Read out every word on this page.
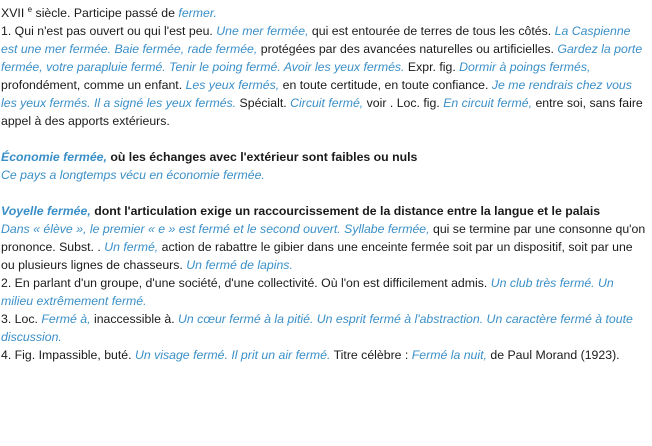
XVII $^e$ siècle. Participe passé de fermer.

1. Qui n'est pas ouvert ou qui l'est peu. Une mer fermée, qui est entourée de terres de tous les côtés. La Caspienne est une mer fermée. Baie fermée, rade fermée, protégées par des avancées naturelles ou artificielles. Gardez la porte fermée, votre parapluie fermé. Tenir le poing fermé. Avoir les yeux fermés. Expr. fig. Dormir à poings fermés, profondément, comme un enfant. Les yeux fermés, en toute certitude, en toute confiance. Je me rendrais chez vous les yeux fermés. Il a signé les yeux fermés. Spécialt. Circuit fermé, voir . Loc. fig. En circuit fermé, entre soi, sans faire appel à des apports extérieurs.

Économie fermée, où les échanges avec l'extérieur sont faibles ou nuls

Ce pays a longtemps vécu en économie fermée.

Voyelle fermée, dont l'articulation exige un raccourcissement de la distance entre la langue et le palais

Dans « élève », le premier « e » est fermé et le second ouvert. Syllabe fermée, qui se termine par une consonne qu'on prononce. Subst. . Un fermé, action de rabattre le gibier dans une enceinte fermée soit par un dispositif, soit par une ou plusieurs lignes de chasseurs. Un fermé de lapins.

2. En parlant d'un groupe, d'une société, d'une collectivité. Où l'on est difficilement admis. Un club très fermé. Un milieu extrêmement fermé.

3. Loc. Fermé à, inaccessible à. Un cœur fermé à la pitié. Un esprit fermé à l'abstraction. Un caractère fermé à toute discussion.

4. Fig. Impassible, buté. Un visage fermé. Il prit un air fermé. Titre célèbre : Fermé la nuit, de Paul Morand (1923).
